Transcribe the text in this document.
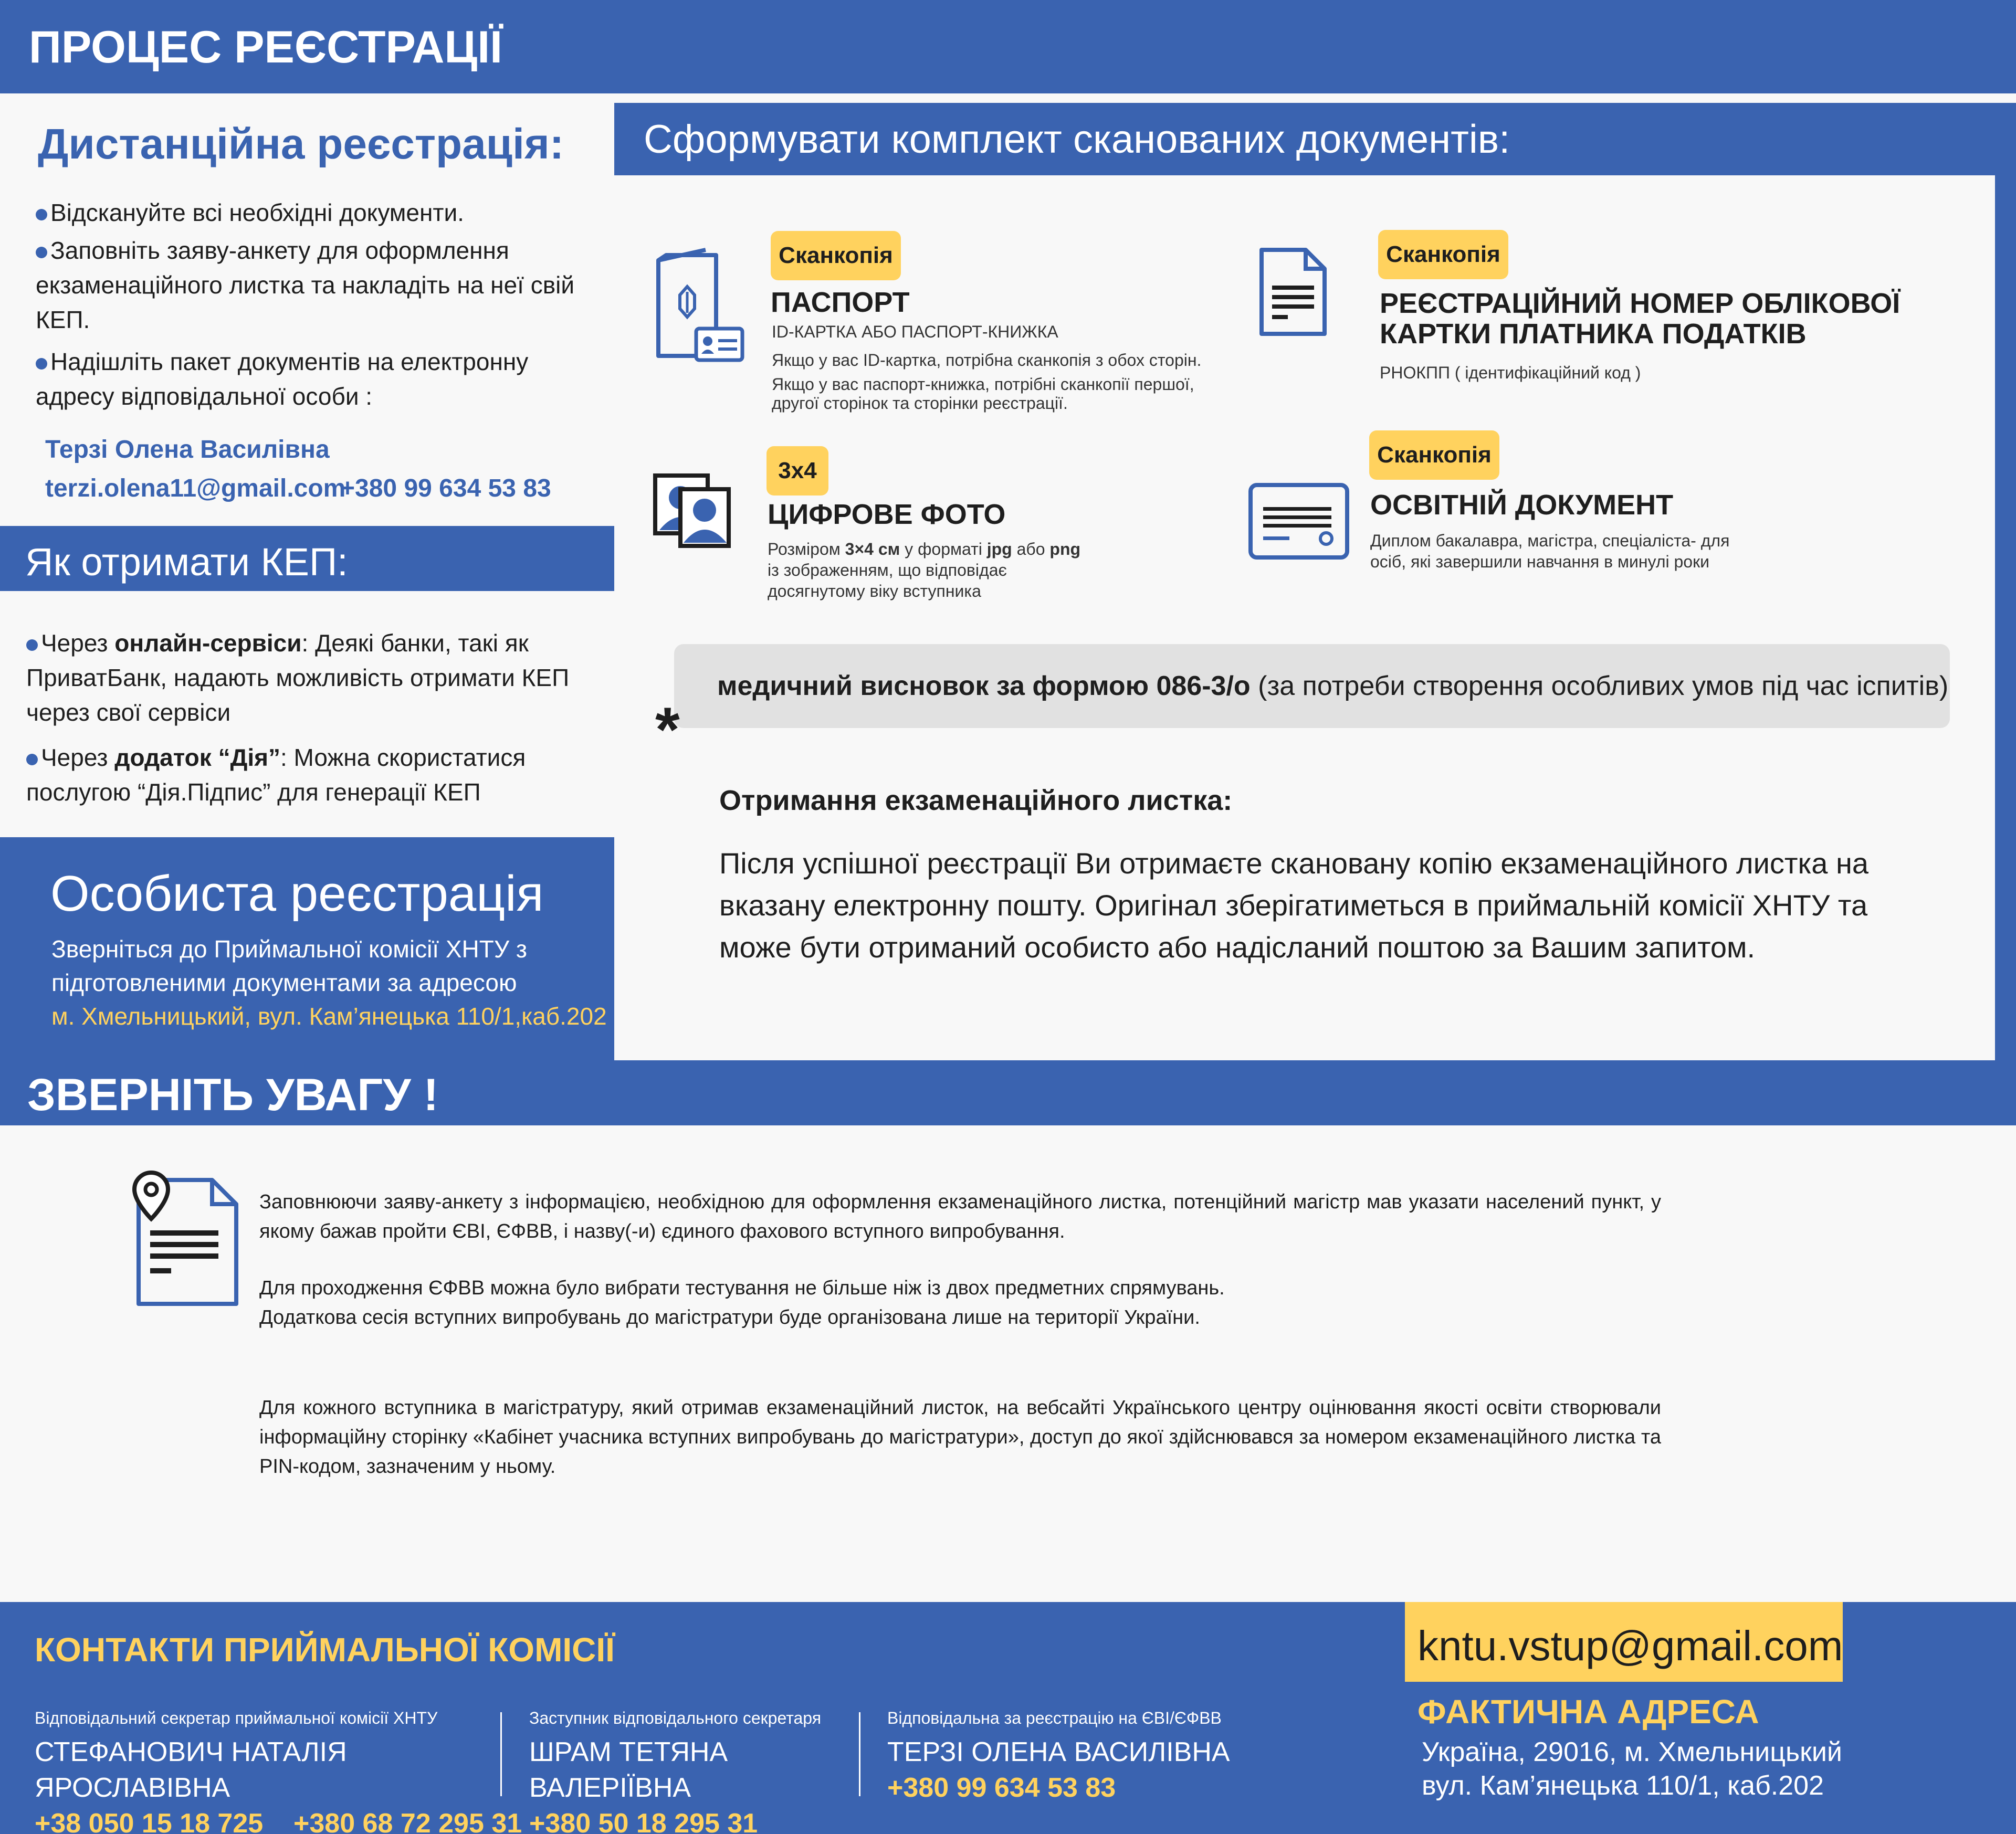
ПРОЦЕС РЕЄСТРАЦІЇ
Дистанційна реєстрація:
Відскануйте всі необхідні документи.
Заповніть заяву-анкету для оформлення екзаменаційного листка та накладіть на неї свій КЕП.
Надішліть пакет документів на електронну адресу відповідальної особи :
Терзі Олена Василівна
terzi.olena11@gmail.com
+380 99 634 53 83
Як отримати КЕП:
Через онлайн-сервіси: Деякі банки, такі як ПриватБанк, надають можливість отримати КЕП через свої сервіси
Через додаток “Дія”: Можна скористатися послугою “Дія.Підпис” для генерації КЕП
Особиста реєстрація
Зверніться до Приймальної комісії ХНТУ з підготовленими документами за адресою
м. Хмельницький, вул. Кам’янецька 110/1,каб.202
Сформувати комплект сканованих документів:
Сканкопія
ПАСПОРТ
ID-КАРТКА АБО ПАСПОРТ-КНИЖКА
Якщо у вас ID-картка, потрібна сканкопія з обох сторін.
Якщо у вас паспорт-книжка, потрібні сканкопії першої, другої сторінок та сторінки реєстрації.
Сканкопія
РЕЄСТРАЦІЙНИЙ НОМЕР ОБЛІКОВОЇ
КАРТКИ ПЛАТНИКА ПОДАТКІВ
РНОКПП ( ідентифікаційний код )
3x4
ЦИФРОВЕ ФОТО
Розміром 3×4 см у форматі jpg або png із зображенням, що відповідає досягнутому віку вступника
Сканкопія
ОСВІТНІЙ ДОКУМЕНТ
Диплом бакалавра, магістра, спеціаліста- для осіб, які завершили навчання в минулі роки
медичний висновок за формою 086-3/о (за потреби створення особливих умов під час іспитів)
*
Отримання екзаменаційного листка:
Після успішної реєстрації Ви отримаєте скановану копію екзаменаційного листка на вказану електронну пошту. Оригінал зберігатиметься в приймальній комісії ХНТУ та може бути отриманий особисто або надісланий поштою за Вашим запитом.
ЗВЕРНІТЬ УВАГУ !
Заповнюючи заяву-анкету з інформацією, необхідною для оформлення екзаменаційного листка, потенційний магістр мав указати населений пункт, у якому бажав пройти ЄВІ, ЄФВВ, і назву(-и) єдиного фахового вступного випробування.
Для проходження ЄФВВ можна було вибрати тестування не більше ніж із двох предметних спрямувань.
Додаткова сесія вступних випробувань до магістратури буде організована лише на території України.
Для кожного вступника в магістратуру, який отримав екзаменаційний листок, на вебсайті Українського центру оцінювання якості освіти створювали інформаційну сторінку «Кабінет учасника вступних випробувань до магістратури», доступ до якої здійснювався за номером екзаменаційного листка та PIN-кодом, зазначеним у ньому.
КОНТАКТИ ПРИЙМАЛЬНОЇ КОМІСІЇ
Відповідальний секретар приймальної комісії ХНТУ
СТЕФАНОВИЧ НАТАЛІЯ ЯРОСЛАВІВНА
+38 050 15 18 725    +380 68 72 295 31
Заступник відповідального секретаря
ШРАМ ТЕТЯНА ВАЛЕРІЇВНА
+380 50 18 295 31
Відповідальна за реєстрацію на ЄВІ/ЄФВВ
ТЕРЗІ ОЛЕНА ВАСИЛІВНА
+380 99 634 53 83
kntu.vstup@gmail.com
ФАКТИЧНА АДРЕСА
Україна, 29016, м. Хмельницький
вул. Кам’янецька 110/1, каб.202
